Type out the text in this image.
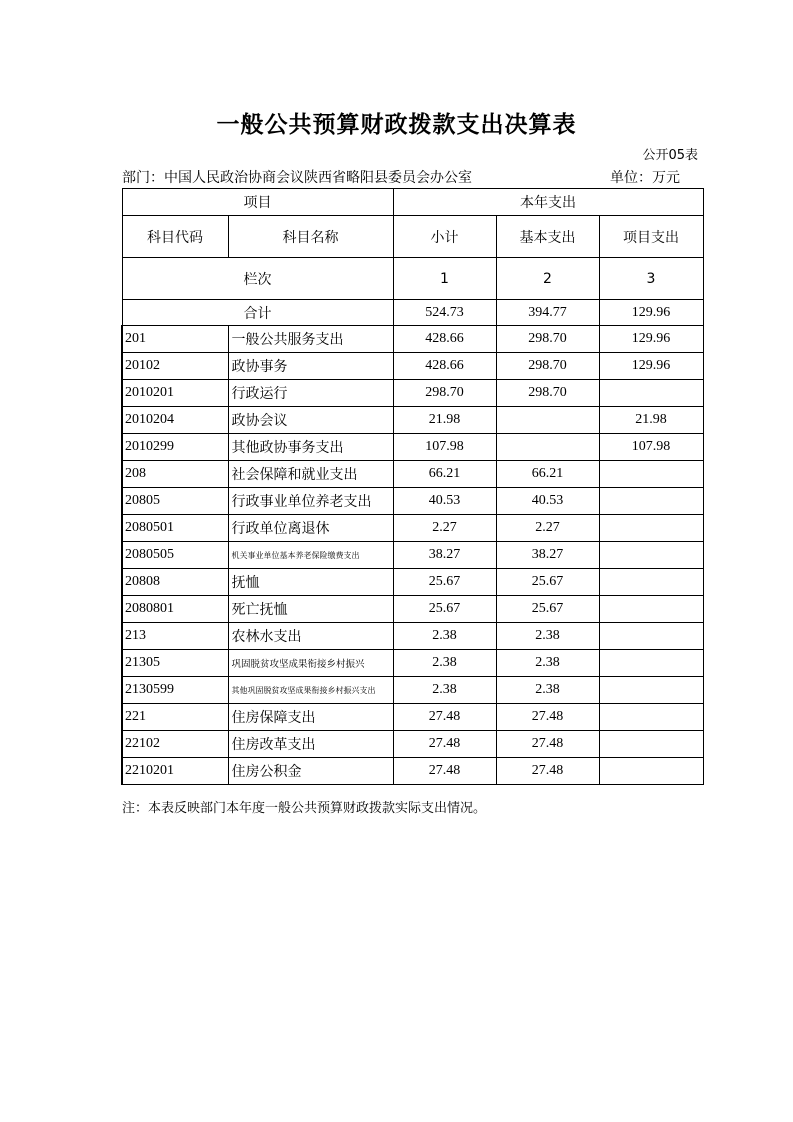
一般公共预算财政拨款支出决算表
公开05表
部门：中国人民政治协商会议陕西省略阳县委员会办公室	单位：万元
项目		本年支出		
科目代码	科目名称	小计	基本支出	项目支出
栏次		1	2	3
合计		524.73	394.77	129.96
201	一般公共服务支出	428.66	298.70	129.96
20102	政协事务	428.66	298.70	129.96
2010201	行政运行	298.70	298.70	
2010204	政协会议	21.98		21.98
2010299	其他政协事务支出	107.98		107.98
208	社会保障和就业支出	66.21	66.21	
20805	行政事业单位养老支出	40.53	40.53	
2080501	行政单位离退休	2.27	2.27	
2080505	机关事业单位基本养老保险缴费支出	38.27	38.27	
20808	抚恤	25.67	25.67	
2080801	死亡抚恤	25.67	25.67	
213	农林水支出	2.38	2.38	
21305	巩固脱贫攻坚成果衔接乡村振兴	2.38	2.38	
2130599	其他巩固脱贫攻坚成果衔接乡村振兴支出	2.38	2.38	
221	住房保障支出	27.48	27.48	
22102	住房改革支出	27.48	27.48	
2210201	住房公积金	27.48	27.48	
注：本表反映部门本年度一般公共预算财政拨款实际支出情况。
